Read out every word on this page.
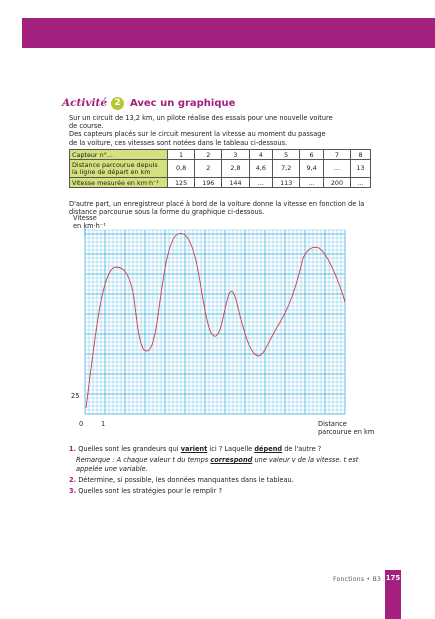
Activité 2 Avec un graphique

Sur un circuit de 13,2 km, un pilote réalise des essais pour une nouvelle voiture

de course.

Des capteurs placés sur le circuit mesurent la vitesse au moment du passage

de la voiture, ces vitesses sont notées dans le tableau ci-dessous.

Capteur n°...	1	2	3	4	5	6	7	8
Distance parcourue depuis
la ligne de départ en km	0,8	2	2,8	4,6	7,2	9,4	...	13
Vitesse mesurée en km·h⁻¹	125	196	144	...	113	...	200	...
D'autre part, un enregistreur placé à bord de la voiture donne la vitesse en fonction de la
distance parcourue sous la forme du graphique ci-dessous.
Vitesse
en km·h⁻¹
25
0	1	Distance
parcourue en km

1. Quelles sont les grandeurs qui varient ici ? Laquelle dépend de l'autre ?

Remarque : A chaque valeur t du temps correspond une valeur v de la vitesse. t est
appelée une variable.

2. Détermine, si possible, les données manquantes dans le tableau.

3. Quelles sont les stratégies pour le remplir ?

Fonctions • B3 175
